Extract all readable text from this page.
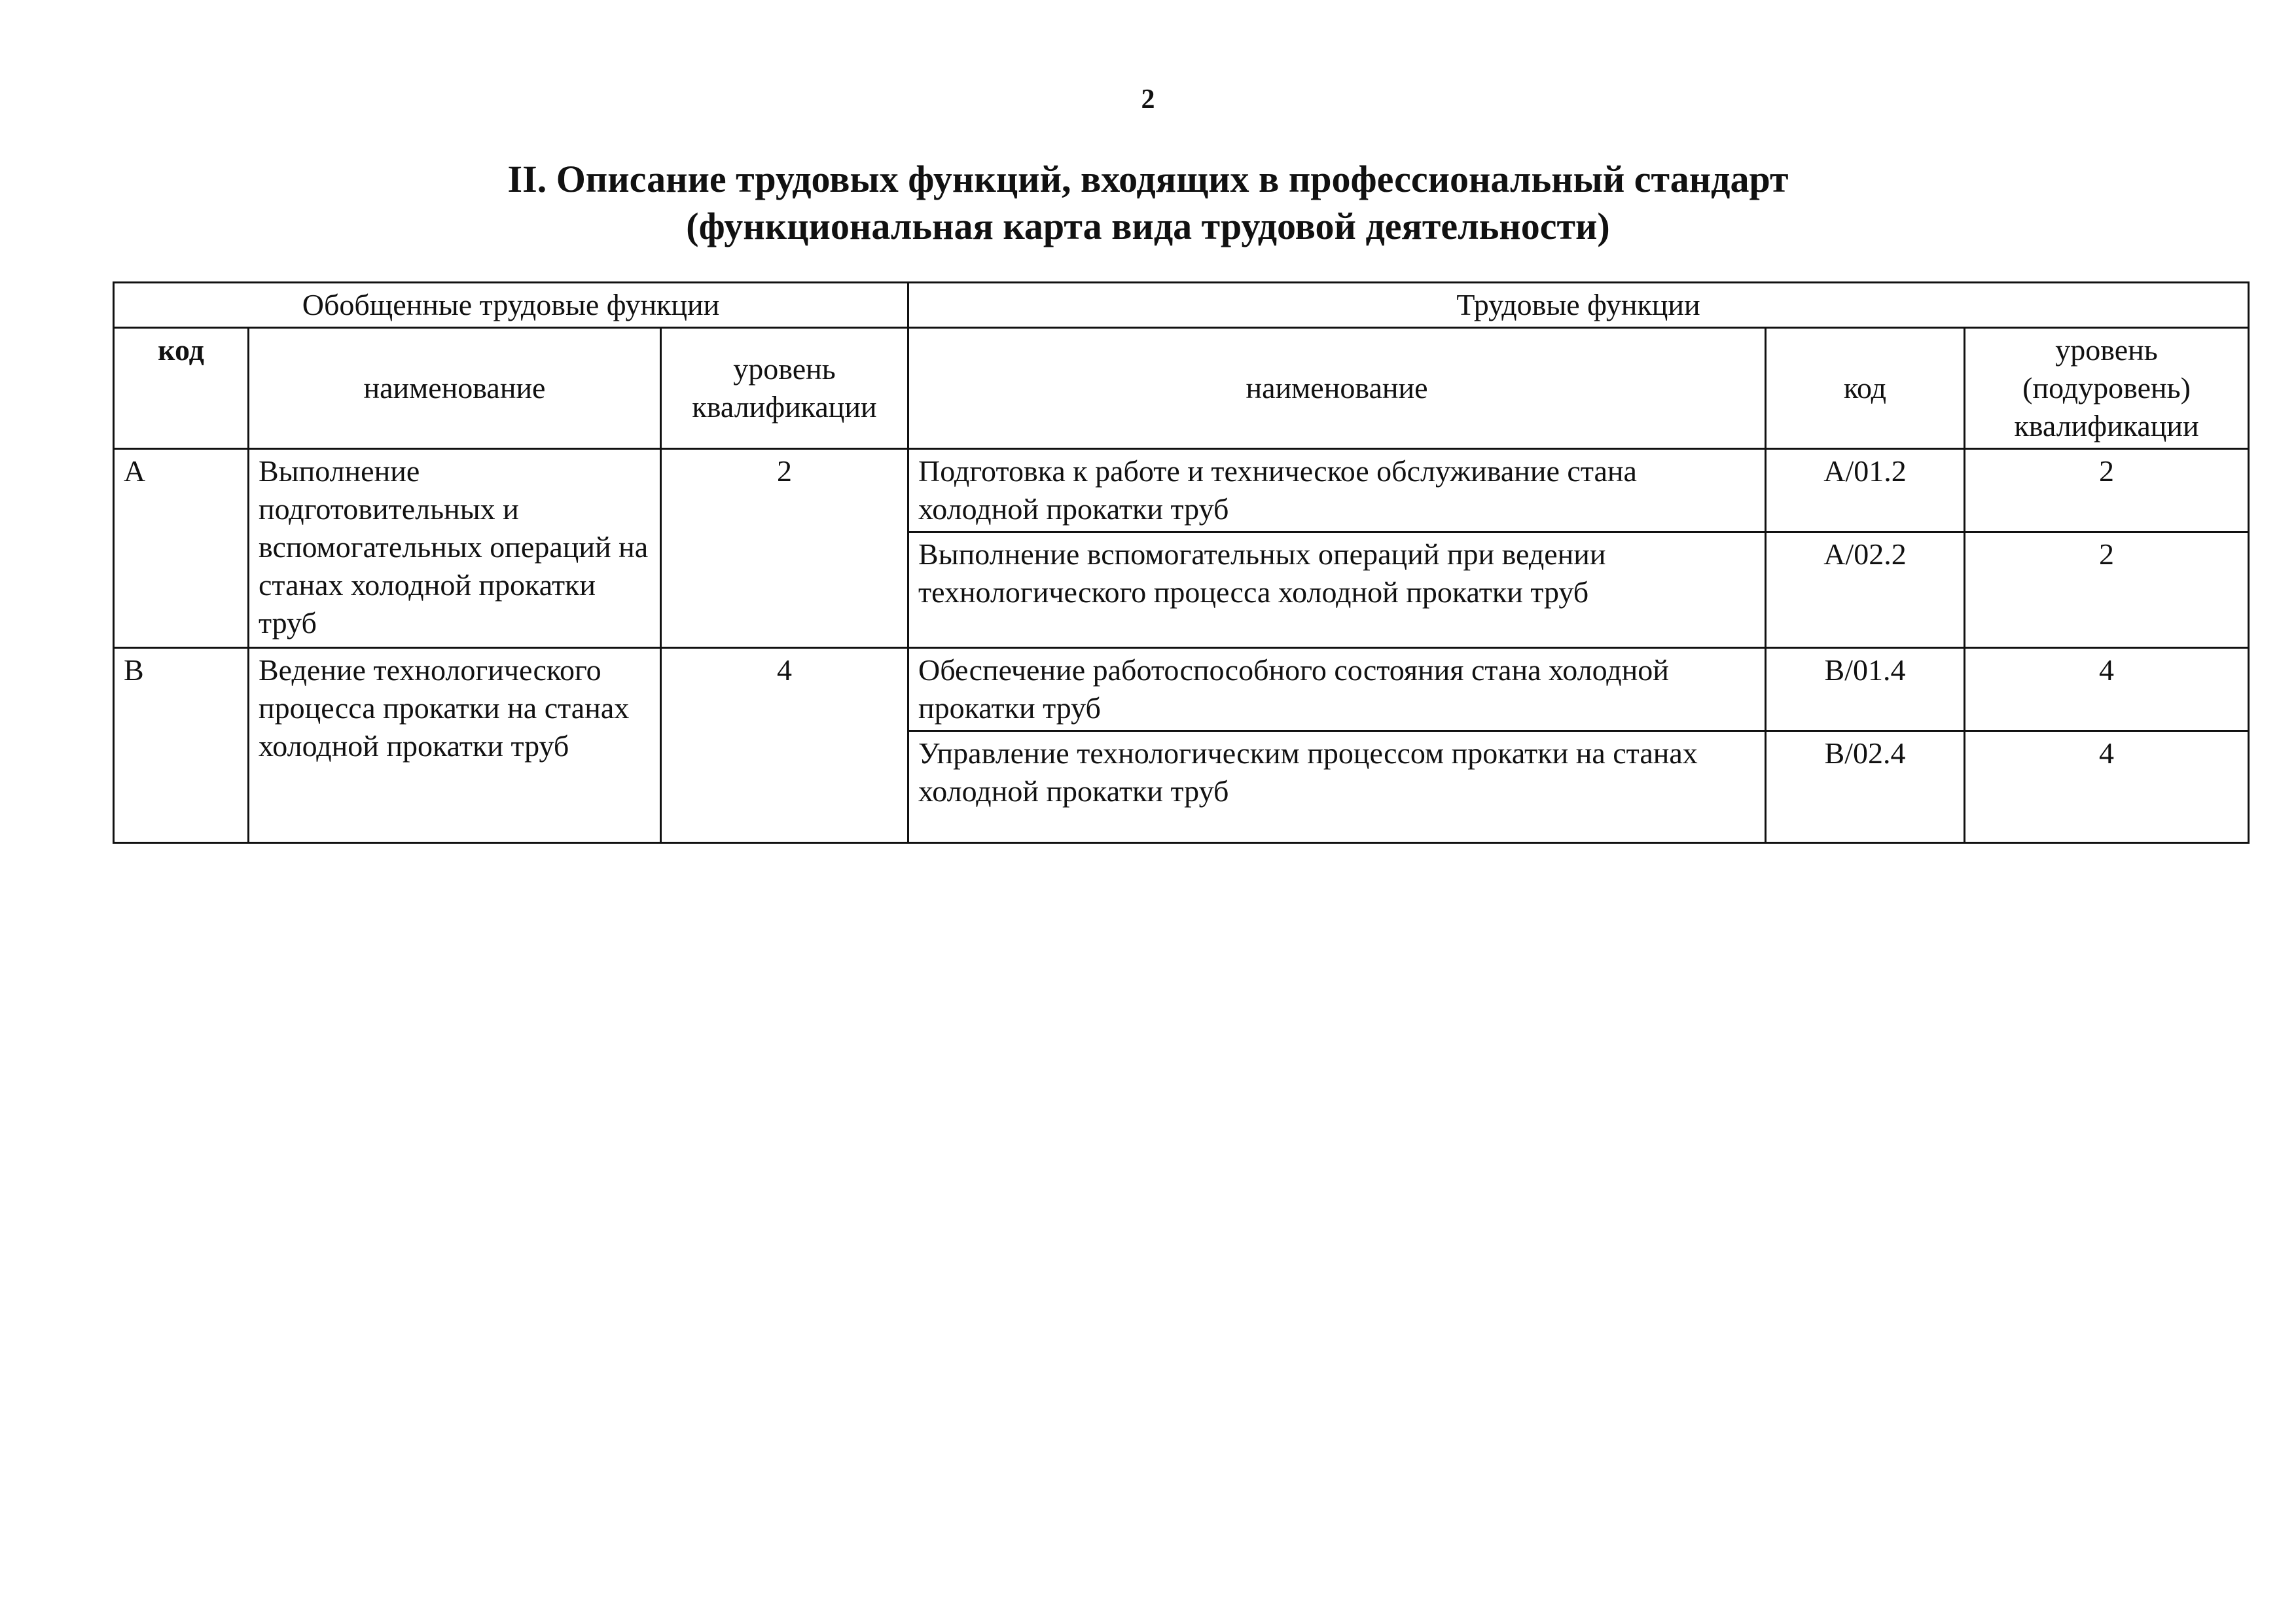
2
II. Описание трудовых функций, входящих в профессиональный стандарт
(функциональная карта вида трудовой деятельности)
Обобщенные трудовые функции			Трудовые функции		
код	наименование	уровень квалификации	наименование	код	уровень (подуровень) квалификации
A	Выполнение подготовительных и вспомогательных операций на станах холодной прокатки труб	2	Подготовка к работе и техническое обслуживание стана холодной прокатки труб	A/01.2	2
			Выполнение вспомогательных операций при ведении технологического процесса холодной прокатки труб	A/02.2	2
B	Ведение технологического процесса прокатки на станах холодной прокатки труб	4	Обеспечение работоспособного состояния стана холодной прокатки труб	B/01.4	4
			Управление технологическим процессом прокатки на станах холодной прокатки труб	B/02.4	4
